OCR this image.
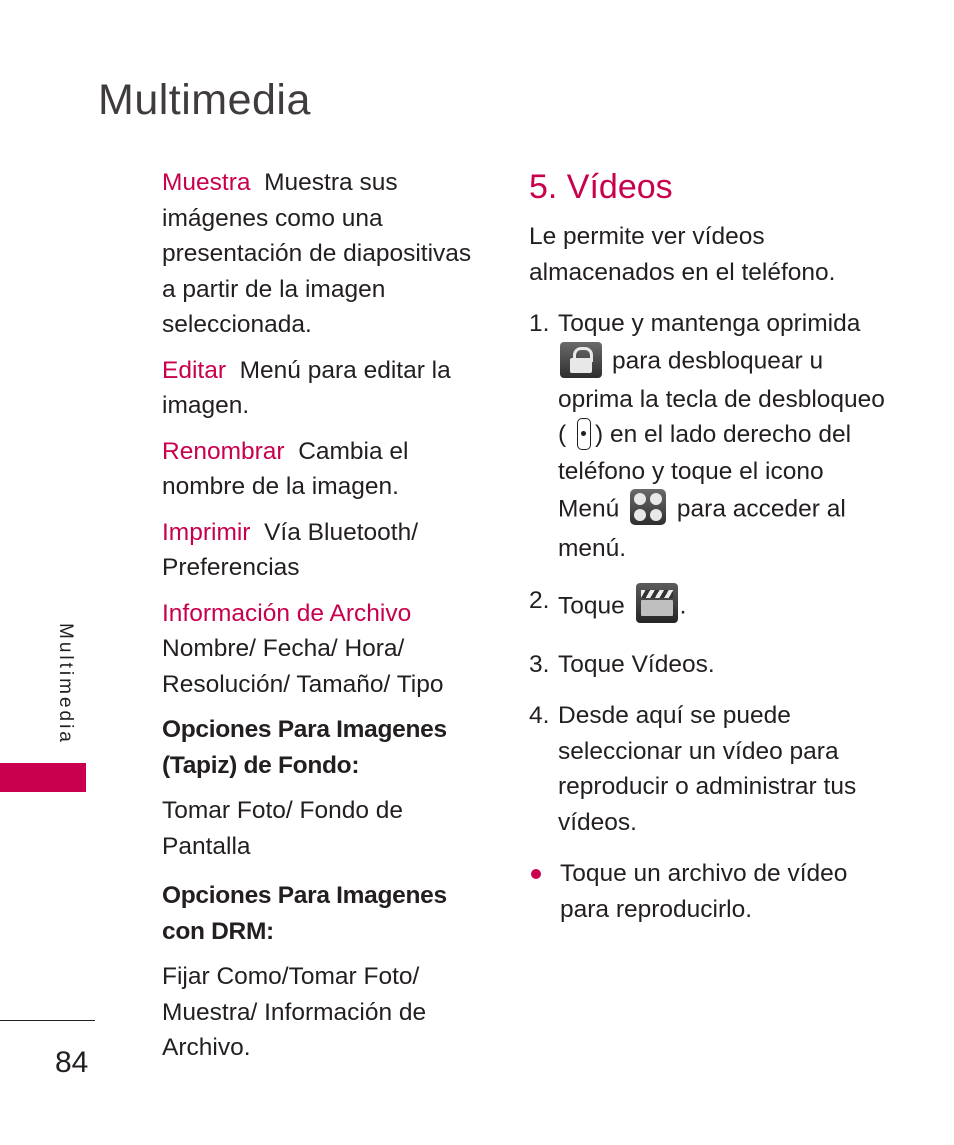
Multimedia
Multimedia
Muestra Muestra sus imágenes como una presentación de diapositivas a partir de la imagen seleccionada.
Editar Menú para editar la imagen.
Renombrar Cambia el nombre de la imagen.
Imprimir Vía Bluetooth/ Preferencias
Información de Archivo
Nombre/ Fecha/ Hora/ Resolución/ Tamaño/ Tipo
Opciones Para Imagenes (Tapiz) de Fondo:
Tomar Foto/ Fondo de Pantalla
Opciones Para Imagenes con DRM:
Fijar Como/Tomar Foto/ Muestra/ Información de Archivo.
5. Vídeos
Le permite ver vídeos almacenados en el teléfono.
1. Toque y mantenga oprimida
para desbloquear u oprima la tecla de desbloqueo ( ) en el lado derecho del teléfono y toque el icono Menú para acceder al menú.
2. Toque .
3. Toque Vídeos.
4. Desde aquí se puede seleccionar un vídeo para reproducir o administrar tus vídeos.
Toque un archivo de vídeo para reproducirlo.
84
